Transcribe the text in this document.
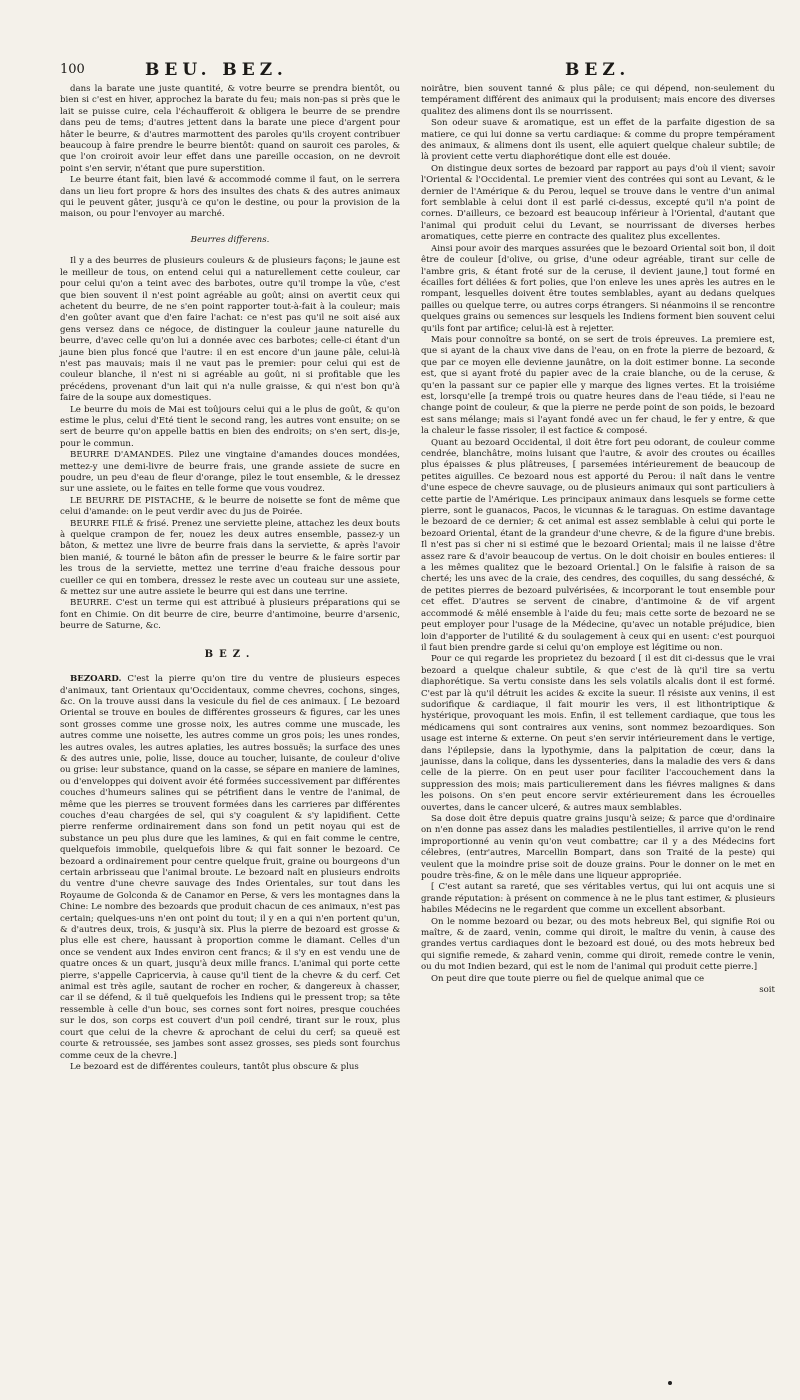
100	BEU. BEZ.	BEZ.

dans la barate une juste quantité, & votre beurre se prendra bientôt, ou bien si c'est en hiver, approchez la barate du feu; mais non-pas si près que le lait se puisse cuire, cela l'échaufferoit & obligera le beurre de se prendre dans peu de tems; d'autres jettent dans la barate une piece d'argent pour hâter le beurre, & d'autres marmottent des paroles qu'ils croyent contribuer beaucoup à faire prendre le beurre bientôt: quand on sauroit ces paroles, & que l'on croiroit avoir leur effet dans une pareille occasion, on ne devroit point s'en servir, n'étant que pure superstition.

Le beurre étant fait, bien lavé & accommodé comme il faut, on le serrera dans un lieu fort propre & hors des insultes des chats & des autres animaux qui le peuvent gâter, jusqu'à ce qu'on le destine, ou pour la provision de la maison, ou pour l'envoyer au marché.

Beurres differens.

Il y a des beurres de plusieurs couleurs & de plusieurs façons; le jaune est le meilleur de tous, on entend celui qui a naturellement cette couleur, car pour celui qu'on a teint avec des barbotes, outre qu'il trompe la vûe, c'est que bien souvent il n'est point agréable au goût; ainsi on avertit ceux qui achetent du beurre, de ne s'en point rapporter tout-à-fait à la couleur; mais d'en goûter avant que d'en faire l'achat: ce n'est pas qu'il ne soit aisé aux gens versez dans ce négoce, de distinguer la couleur jaune naturelle du beurre, d'avec celle qu'on lui a donnée avec ces barbotes; celle-ci étant d'un jaune bien plus foncé que l'autre: il en est encore d'un jaune pâle, celui-là n'est pas mauvais; mais il ne vaut pas le premier: pour celui qui est de couleur blanche, il n'est ni si agréable au goût, ni si profitable que les précédens, provenant d'un lait qui n'a nulle graisse, & qui n'est bon qu'à faire de la soupe aux domestiques.

Le beurre du mois de Mai est toûjours celui qui a le plus de goût, & qu'on estime le plus, celui d'Eté tient le second rang, les autres vont ensuite; on se sert de beurre qu'on appelle battis en bien des endroits; on s'en sert, dis-je, pour le commun.

BEURRE D'AMANDES. Pilez une vingtaine d'amandes douces mondées, mettez-y une demi-livre de beurre frais, une grande assiete de sucre en poudre, un peu d'eau de fleur d'orange, pilez le tout ensemble, & le dressez sur une assiete, ou le faites en telle forme que vous voudrez.

LE BEURRE DE PISTACHE, & le beurre de noisette se font de même que celui d'amande: on le peut verdir avec du jus de Poirée.

BEURRE FILÉ & frisé. Prenez une serviette pleine, attachez les deux bouts à quelque crampon de fer, nouez les deux autres ensemble, passez-y un bâton, & mettez une livre de beurre frais dans la serviette, & après l'avoir bien manié, & tourné le bâton afin de presser le beurre & le faire sortir par les trous de la serviette, mettez une terrine d'eau fraiche dessous pour cueiller ce qui en tombera, dressez le reste avec un couteau sur une assiete, & mettez sur une autre assiete le beurre qui est dans une terrine.

BEURRE. C'est un terme qui est attribué à plusieurs préparations qui se font en Chimie. On dit beurre de cire, beurre d'antimoine, beurre d'arsenic, beurre de Saturne, &c.

BEZ.

BEZOARD. C'est la pierre qu'on tire du ventre de plusieurs especes d'animaux, tant Orientaux qu'Occidentaux, comme chevres, cochons, singes, &c. On la trouve aussi dans la vesicule du fiel de ces animaux. [ Le bezoard Oriental se trouve en boules de différentes grosseurs & figures, car les unes sont grosses comme une grosse noix, les autres comme une muscade, les autres comme une noisette, les autres comme un gros pois; les unes rondes, les autres ovales, les autres aplaties, les autres bossuës; la surface des unes & des autres unie, polie, lisse, douce au toucher, luisante, de couleur d'olive ou grise: leur substance, quand on la casse, se sépare en maniere de lamines, ou d'enveloppes qui doivent avoir été formées successivement par différentes couches d'humeurs salines qui se pétrifient dans le ventre de l'animal, de même que les pierres se trouvent formées dans les carrieres par différentes couches d'eau chargées de sel, qui s'y coagulent & s'y lapidifient. Cette pierre renferme ordinairement dans son fond un petit noyau qui est de substance un peu plus dure que les lamines, & qui en fait comme le centre, quelquefois immobile, quelquefois libre & qui fait sonner le bezoard. Ce bezoard a ordinairement pour centre quelque fruit, graine ou bourgeons d'un certain arbrisseau que l'animal broute. Le bezoard naît en plusieurs endroits du ventre d'une chevre sauvage des Indes Orientales, sur tout dans les Royaume de Golconda & de Canamor en Perse, & vers les montagnes dans la Chine: Le nombre des bezoards que produit chacun de ces animaux, n'est pas certain; quelques-uns n'en ont point du tout; il y en a qui n'en portent qu'un, & d'autres deux, trois, & jusqu'à six. Plus la pierre de bezoard est grosse & plus elle est chere, haussant à proportion comme le diamant. Celles d'un once se vendent aux Indes environ cent francs; & il s'y en est vendu une de quatre onces & un quart, jusqu'à deux mille francs. L'animal qui porte cette pierre, s'appelle Capricervia, à cause qu'il tient de la chevre & du cerf. Cet animal est très agile, sautant de rocher en rocher, & dangereux à chasser, car il se défend, & il tuë quelquefois les Indiens qui le pressent trop; sa tête ressemble à celle d'un bouc, ses cornes sont fort noires, presque couchées sur le dos, son corps est couvert d'un poil cendré, tirant sur le roux, plus court que celui de la chevre & aprochant de celui du cerf; sa queuë est courte & retroussée, ses jambes sont assez grosses, ses pieds sont fourchus comme ceux de la chevre.]

Le bezoard est de différentes couleurs, tantôt plus obscure & plus

noirâtre, bien souvent tanné & plus pâle; ce qui dépend, non-seulement du tempérament différent des animaux qui la produisent; mais encore des diverses qualitez des alimens dont ils se nourrissent.

Son odeur suave & aromatique, est un effet de la parfaite digestion de sa matiere, ce qui lui donne sa vertu cardiaque: & comme du propre tempérament des animaux, & alimens dont ils usent, elle aquiert quelque chaleur subtile; de là provient cette vertu diaphorétique dont elle est douée.

On distingue deux sortes de bezoard par rapport au pays d'où il vient; savoir l'Oriental & l'Occidental. Le premier vient des contrées qui sont au Levant, & le dernier de l'Amérique & du Perou, lequel se trouve dans le ventre d'un animal fort semblable à celui dont il est parlé ci-dessus, excepté qu'il n'a point de cornes. D'ailleurs, ce bezoard est beaucoup inférieur à l'Oriental, d'autant que l'animal qui produit celui du Levant, se nourrissant de diverses herbes aromatiques, cette pierre en contracte des qualitez plus excellentes.

Ainsi pour avoir des marques assurées que le bezoard Oriental soit bon, il doit être de couleur [d'olive, ou grise, d'une odeur agréable, tirant sur celle de l'ambre gris, & étant froté sur de la ceruse, il devient jaune,] tout formé en écailles fort déliées & fort polies, que l'on enleve les unes après les autres en le rompant, lesquelles doivent être toutes semblables, ayant au dedans quelques pailles ou quelque terre, ou autres corps étrangers. Si néanmoins il se rencontre quelques grains ou semences sur lesquels les Indiens forment bien souvent celui qu'ils font par artifice; celui-là est à rejetter.

Mais pour connoître sa bonté, on se sert de trois épreuves. La premiere est, que si ayant de la chaux vive dans de l'eau, on en frote la pierre de bezoard, & que par ce moyen elle devienne jaunâtre, on la doit estimer bonne. La seconde est, que si ayant froté du papier avec de la craie blanche, ou de la ceruse, & qu'en la passant sur ce papier elle y marque des lignes vertes. Et la troisiéme est, lorsqu'elle [a trempé trois ou quatre heures dans de l'eau tiéde, si l'eau ne change point de couleur, & que la pierre ne perde point de son poids, le bezoard est sans mélange; mais si l'ayant fondé avec un fer chaud, le fer y entre, & que la chaleur le fasse rissoler, il est factice & composé.

Quant au bezoard Occidental, il doit être fort peu odorant, de couleur comme cendrée, blanchâtre, moins luisant que l'autre, & avoir des croutes ou écailles plus épaisses & plus plâtreuses, [ parsemées intérieurement de beaucoup de petites aiguilles. Ce bezoard nous est apporté du Perou: il naît dans le ventre d'une espece de chevre sauvage, ou de plusieurs animaux qui sont particuliers à cette partie de l'Amérique. Les principaux animaux dans lesquels se forme cette pierre, sont le guanacos, Pacos, le vicunnas & le taraguas. On estime davantage le bezoard de ce dernier; & cet animal est assez semblable à celui qui porte le bezoard Oriental, étant de la grandeur d'une chevre, & de la figure d'une brebis. Il n'est pas si cher ni si estimé que le bezoard Oriental; mais il ne laisse d'être assez rare & d'avoir beaucoup de vertus. On le doit choisir en boules entieres: il a les mêmes qualitez que le bezoard Oriental.] On le falsifie à raison de sa cherté; les uns avec de la craie, des cendres, des coquilles, du sang desséché, & de petites pierres de bezoard pulvérisées, & incorporant le tout ensemble pour cet effet. D'autres se servent de cinabre, d'antimoine & de vif argent accommodé & mêlé ensemble à l'aide du feu; mais cette sorte de bezoard ne se peut employer pour l'usage de la Médecine, qu'avec un notable préjudice, bien loin d'apporter de l'utilité & du soulagement à ceux qui en usent: c'est pourquoi il faut bien prendre garde si celui qu'on employe est légitime ou non.

Pour ce qui regarde les proprietez du bezoard [ il est dit ci-dessus que le vrai bezoard a quelque chaleur subtile, & que c'est de là qu'il tire sa vertu diaphorétique. Sa vertu consiste dans les sels volatils alcalis dont il est formé. C'est par là qu'il détruit les acides & excite la sueur. Il résiste aux venins, il est sudorifique & cardiaque, il fait mourir les vers, il est lithontriptique & hystérique, provoquant les mois. Enfin, il est tellement cardiaque, que tous les médicamens qui sont contraires aux venins, sont nommez bezoardiques. Son usage est interne & externe. On peut s'en servir intérieurement dans le vertige, dans l'épilepsie, dans la lypothymie, dans la palpitation de cœur, dans la jaunisse, dans la colique, dans les dyssenteries, dans la maladie des vers & dans celle de la pierre. On en peut user pour faciliter l'accouchement dans la suppression des mois; mais particulierement dans les fiévres malignes & dans les poisons. On s'en peut encore servir extérieurement dans les écrouelles ouvertes, dans le cancer ulceré, & autres maux semblables.

Sa dose doit être depuis quatre grains jusqu'à seize; & parce que d'ordinaire on n'en donne pas assez dans les maladies pestilentielles, il arrive qu'on le rend improportionné au venin qu'on veut combattre; car il y a des Médecins fort célebres, (entr'autres, Marcellin Bompart, dans son Traité de la peste) qui veulent que la moindre prise soit de douze grains. Pour le donner on le met en poudre très-fine, & on le mêle dans une liqueur appropriée.

[ C'est autant sa rareté, que ses véritables vertus, qui lui ont acquis une si grande réputation: à présent on commence à ne le plus tant estimer, & plusieurs habiles Médecins ne le regardent que comme un excellent absorbant.

On le nomme bezoard ou bezar, ou des mots hebreux Bel, qui signifie Roi ou maître, & de zaard, venin, comme qui diroit, le maître du venin, à cause des grandes vertus cardiaques dont le bezoard est doué, ou des mots hebreux bed qui signifie remede, & zahard venin, comme qui diroit, remede contre le venin, ou du mot Indien bezard, qui est le nom de l'animal qui produit cette pierre.]

On peut dire que toute pierre ou fiel de quelque animal que ce

soit
